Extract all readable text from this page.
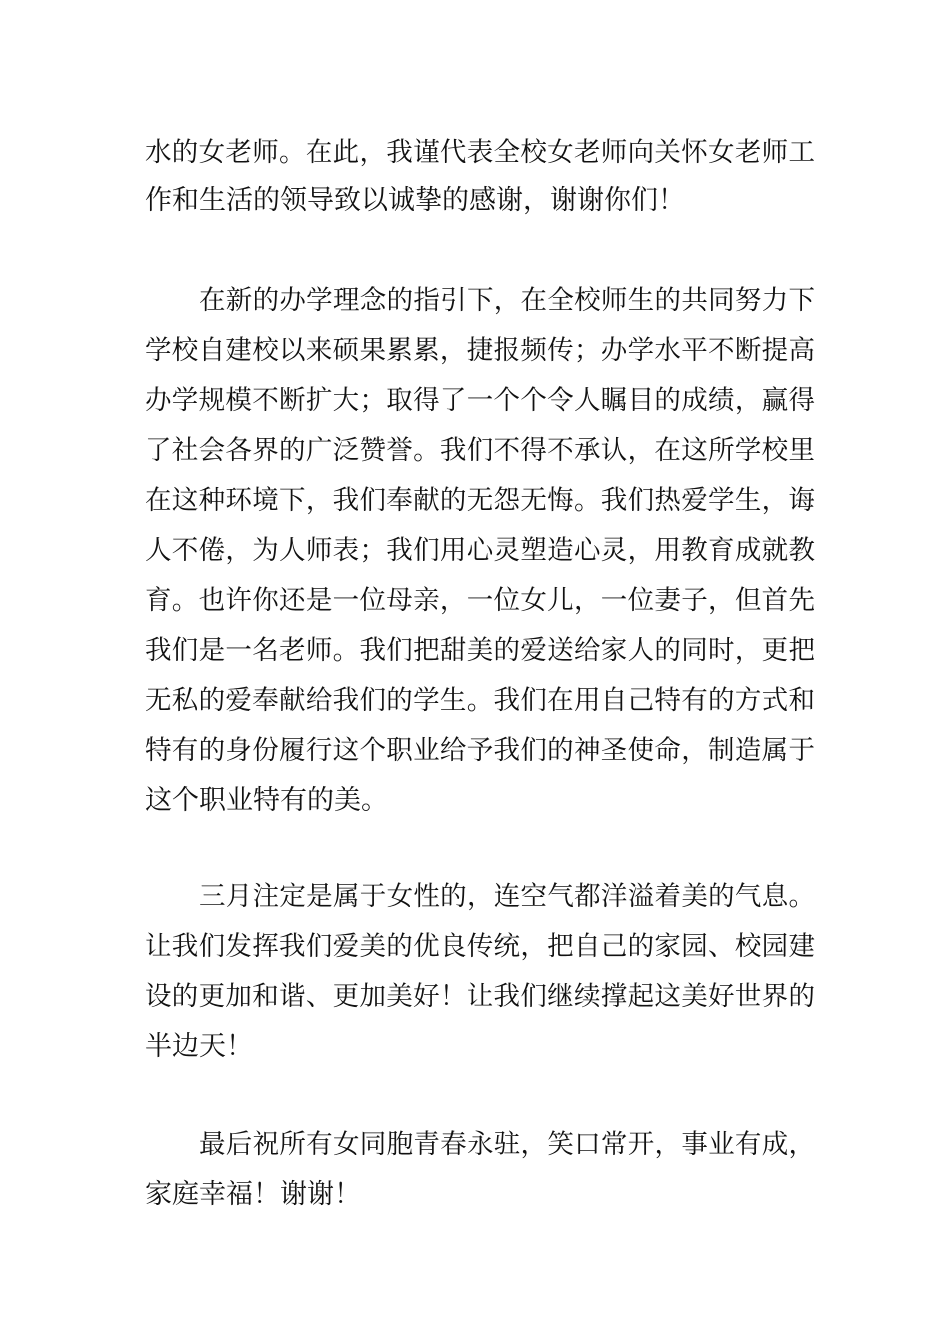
水的女老师。在此，我谨代表全校女老师向关怀女老师工
作和生活的领导致以诚挚的感谢，谢谢你们！
在新的办学理念的指引下，在全校师生的共同努力下
学校自建校以来硕果累累，捷报频传；办学水平不断提高
办学规模不断扩大；取得了一个个令人瞩目的成绩，赢得
了社会各界的广泛赞誉。我们不得不承认，在这所学校里
在这种环境下，我们奉献的无怨无悔。我们热爱学生，诲
人不倦，为人师表；我们用心灵塑造心灵，用教育成就教
育。也许你还是一位母亲，一位女儿，一位妻子，但首先
我们是一名老师。我们把甜美的爱送给家人的同时，更把
无私的爱奉献给我们的学生。我们在用自己特有的方式和
特有的身份履行这个职业给予我们的神圣使命，制造属于
这个职业特有的美。
三月注定是属于女性的，连空气都洋溢着美的气息。
让我们发挥我们爱美的优良传统，把自己的家园、校园建
设的更加和谐、更加美好！让我们继续撑起这美好世界的
半边天！
最后祝所有女同胞青春永驻，笑口常开，事业有成，
家庭幸福！谢谢！
